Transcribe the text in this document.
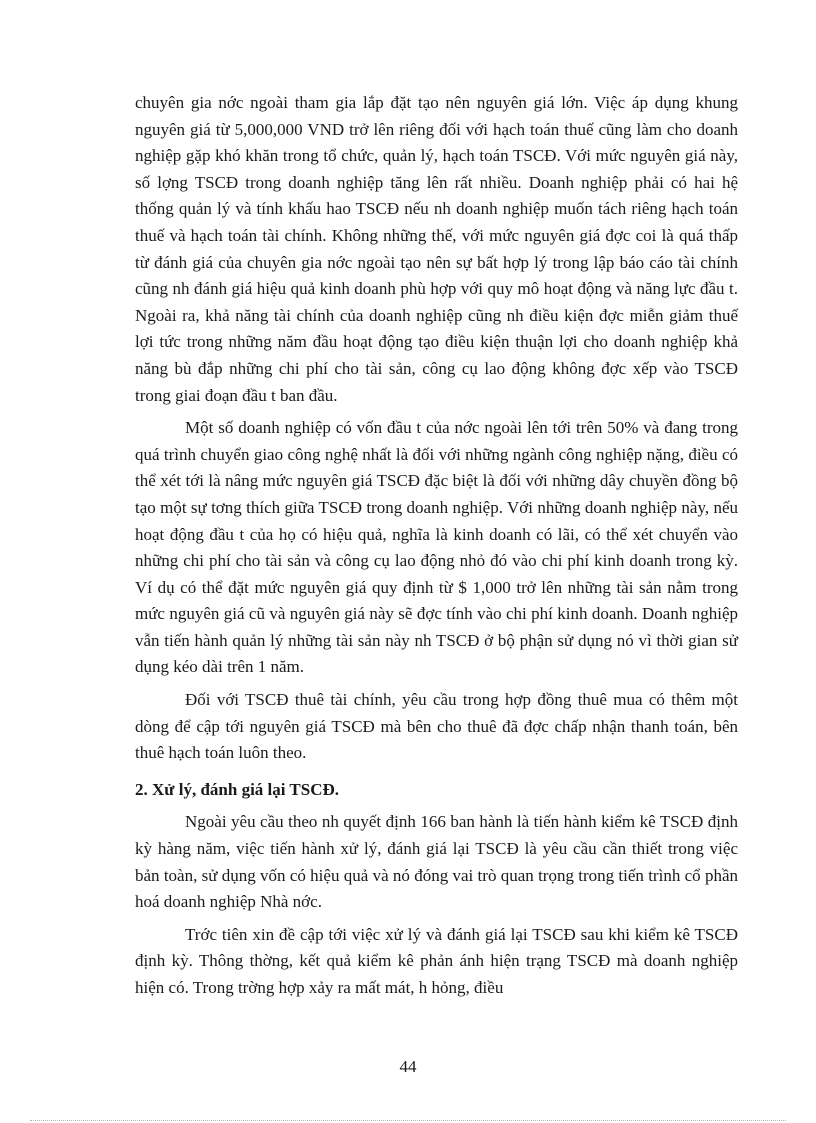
chuyên gia nớc ngoài tham gia lắp đặt tạo nên nguyên giá lớn. Việc áp dụng khung nguyên giá từ 5,000,000 VND trở lên riêng đối với hạch toán thuế cũng làm cho doanh nghiệp gặp khó khăn trong tổ chức, quản lý, hạch toán TSCĐ. Với mức nguyên giá này, số lợng TSCĐ trong doanh nghiệp tăng lên rất nhiều. Doanh nghiệp phải có hai hệ thống quản lý và tính khấu hao TSCĐ nếu nh doanh nghiệp muốn tách riêng hạch toán thuế và hạch toán tài chính. Không những thế, với mức nguyên giá đợc coi là quá thấp từ đánh giá của chuyên gia nớc ngoài tạo nên sự bất hợp lý trong lập báo cáo tài chính cũng nh đánh giá hiệu quả kinh doanh phù hợp với quy mô hoạt động và năng lực đầu t. Ngoài ra, khả năng tài chính của doanh nghiệp cũng nh điều kiện đợc miễn giảm thuế lợi tức trong những năm đầu hoạt động tạo điều kiện thuận lợi cho doanh nghiệp khả năng bù đắp những chi phí cho tài sản, công cụ lao động không đợc xếp vào TSCĐ trong giai đoạn đầu t ban đầu.

Một số doanh nghiệp có vốn đầu t của nớc ngoài lên tới trên 50% và đang trong quá trình chuyển giao công nghệ nhất là đối với những ngành công nghiệp nặng, điều có thể xét tới là nâng mức nguyên giá TSCĐ đặc biệt là đối với những dây chuyền đồng bộ tạo một sự tơng thích giữa TSCĐ trong doanh nghiệp. Với những doanh nghiệp này, nếu hoạt động đầu t của họ có hiệu quả, nghĩa là kinh doanh có lãi, có thể xét chuyển vào những chi phí cho tài sản và công cụ lao động nhỏ đó vào chi phí kinh doanh trong kỳ. Ví dụ có thể đặt mức nguyên giá quy định từ $ 1,000 trở lên những tài sản nằm trong mức nguyên giá cũ và nguyên giá này sẽ đợc tính vào chi phí kinh doanh. Doanh nghiệp vẫn tiến hành quản lý những tài sản này nh TSCĐ ở bộ phận sử dụng nó vì thời gian sử dụng kéo dài trên 1 năm.

Đối với TSCĐ thuê tài chính, yêu cầu trong hợp đồng thuê mua có thêm một dòng để cập tới nguyên giá TSCĐ mà bên cho thuê đã đợc chấp nhận thanh toán, bên thuê hạch toán luôn theo.

2. Xử lý, đánh giá lại TSCĐ.

Ngoài yêu cầu theo nh quyết định 166 ban hành là tiến hành kiểm kê TSCĐ định kỳ hàng năm, việc tiến hành xử lý, đánh giá lại TSCĐ là yêu cầu cần thiết trong việc bản toàn, sử dụng vốn có hiệu quả và nó đóng vai trò quan trọng trong tiến trình cổ phần hoá doanh nghiệp Nhà nớc.

Trớc tiên xin đề cập tới việc xử lý và đánh giá lại TSCĐ sau khi kiểm kê TSCĐ định kỳ. Thông thờng, kết quả kiểm kê phản ánh hiện trạng TSCĐ mà doanh nghiệp hiện có. Trong trờng hợp xảy ra mất mát, h hỏng, điều

44
